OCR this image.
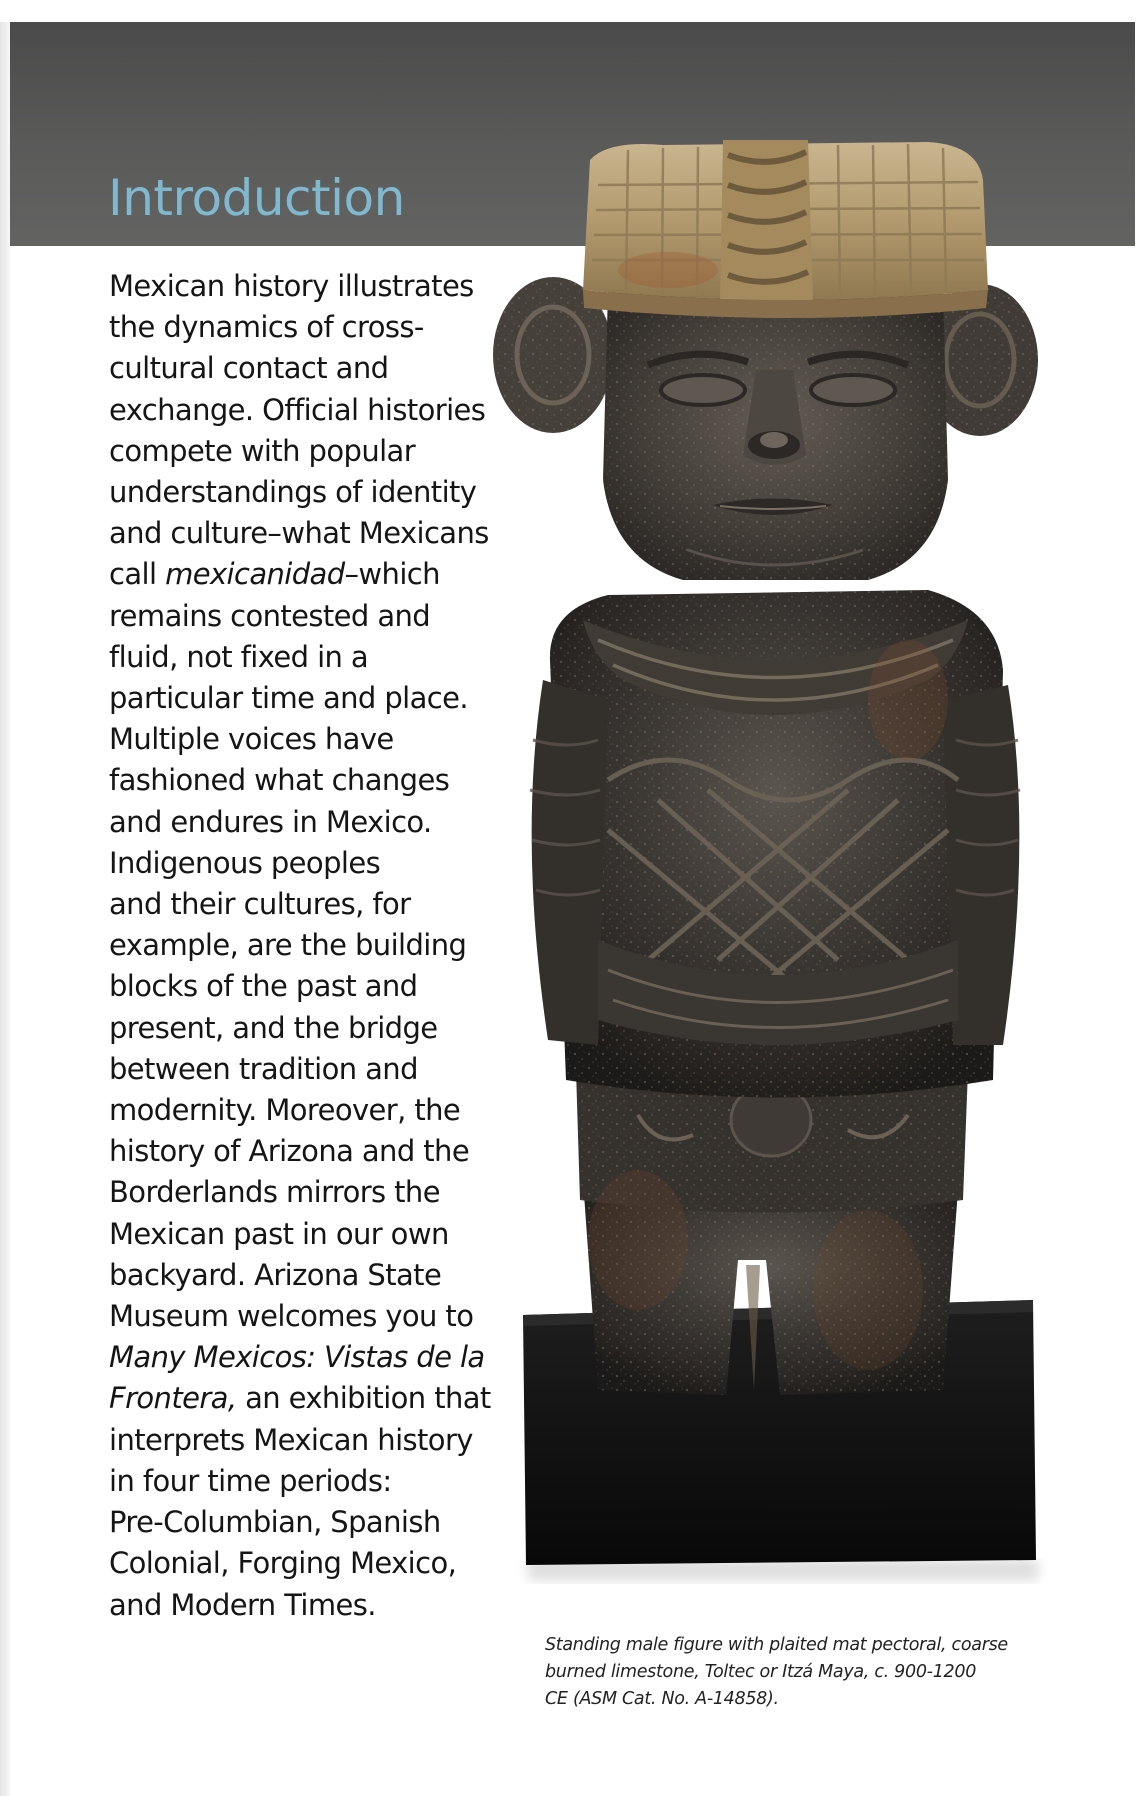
Introduction

Mexican history illustrates
the dynamics of cross-
cultural contact and
exchange. Official histories
compete with popular
understandings of identity
and culture–what Mexicans
call mexicanidad–which
remains contested and
fluid, not fixed in a
particular time and place.
Multiple voices have
fashioned what changes
and endures in Mexico.
Indigenous peoples
and their cultures, for
example, are the building
blocks of the past and
present, and the bridge
between tradition and
modernity. Moreover, the
history of Arizona and the
Borderlands mirrors the
Mexican past in our own
backyard. Arizona State
Museum welcomes you to
Many Mexicos: Vistas de la
Frontera, an exhibition that
interprets Mexican history
in four time periods:
Pre-Columbian, Spanish
Colonial, Forging Mexico,
and Modern Times.

Standing male figure with plaited mat pectoral, coarse
burned limestone, Toltec or Itzá Maya, c. 900-1200
CE (ASM Cat. No. A-14858).
